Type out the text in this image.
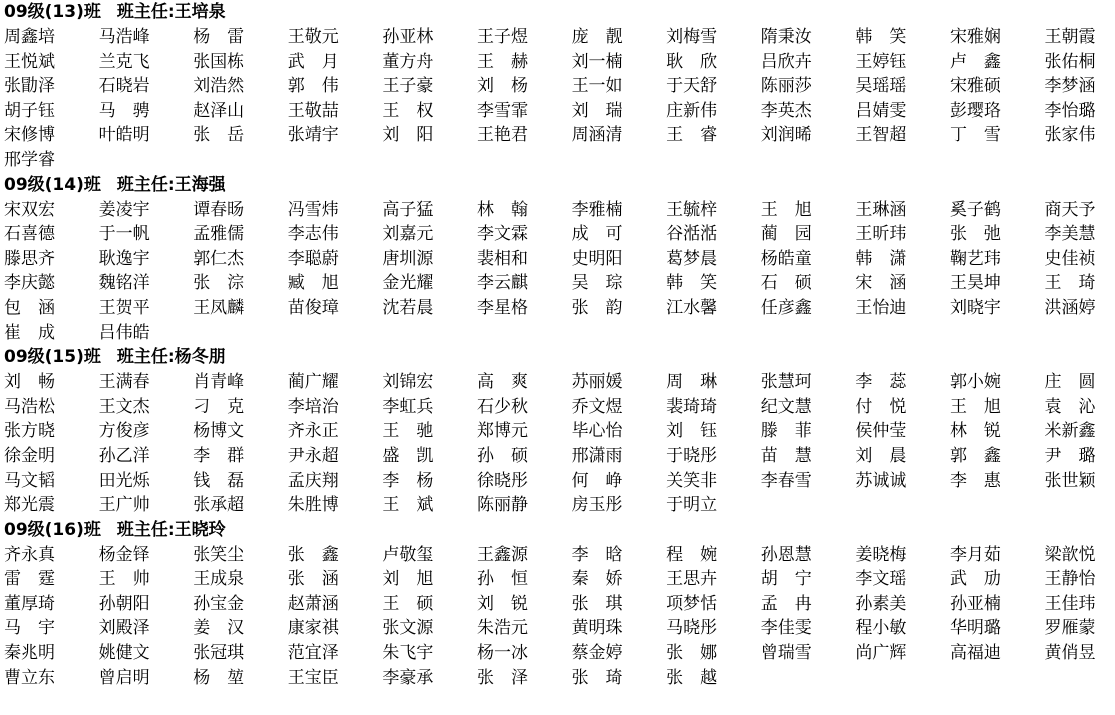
09级(13)班 班主任:王培泉
周鑫培	马浩峰	杨　雷	王敬元	孙亚林	王子煜	庞　靓	刘梅雪	隋秉汝	韩　笑	宋雅娴	王朝霞
王悦斌	兰克飞	张国栋	武　月	董方舟	王　赫	刘一楠	耿　欣	吕欣卉	王婷钰	卢　鑫	张佑桐
张勖泽	石晓岩	刘浩然	郭　伟	王子豪	刘　杨	王一如	于天舒	陈丽莎	吴瑶瑶	宋雅硕	李梦涵
胡子钰	马　骋	赵泽山	王敬喆	王　权	李雪霏	刘　瑞	庄新伟	李英杰	吕婧雯	彭璎珞	李怡璐
宋修博	叶皓明	张　岳	张靖宇	刘　阳	王艳君	周涵清	王　睿	刘润晞	王智超	丁　雪	张家伟
邢学睿
09级(14)班 班主任:王海强
宋双宏	姜凌宇	谭春旸	冯雪炜	高子猛	林　翰	李雅楠	王毓梓	王　旭	王琳涵	奚子鹤	商天予
石喜德	于一帆	孟雅儒	李志伟	刘嘉元	李文霖	成　可	谷湉湉	蔺　园	王昕玮	张　弛	李美慧
滕思齐	耿逸宇	郭仁杰	李聪蔚	唐圳源	裴相和	史明阳	葛梦晨	杨皓童	韩　潇	鞠艺玮	史佳祯
李庆懿	魏铭洋	张　淙	臧　旭	金光耀	李云麒	吴　琮	韩　笑	石　硕	宋　涵	王昊坤	王　琦
包　涵	王贺平	王凤麟	苗俊璋	沈若晨	李星格	张　韵	江水馨	任彦鑫	王怡迪	刘晓宇	洪涵婷
崔　成	吕伟皓
09级(15)班 班主任:杨冬朋
刘　畅	王满春	肖青峰	蔺广耀	刘锦宏	高　爽	苏丽媛	周　琳	张慧珂	李　蕊	郭小婉	庄　圆
马浩松	王文杰	刁　克	李培治	李虹兵	石少秋	乔文煜	裴琦琦	纪文慧	付　悦	王　旭	袁　沁
张方晓	方俊彦	杨博文	齐永正	王　驰	郑博元	毕心怡	刘　钰	滕　菲	侯仲莹	林　锐	米新鑫
徐金明	孙乙洋	李　群	尹永超	盛　凯	孙　硕	邢潇雨	于晓彤	苗　慧	刘　晨	郭　鑫	尹　璐
马文韬	田光烁	钱　磊	孟庆翔	李　杨	徐晓彤	何　峥	关笑非	李春雪	苏诚诚	李　惠	张世颖
郑光震	王广帅	张承超	朱胜博	王　斌	陈丽静	房玉彤	于明立
09级(16)班 班主任:王晓玲
齐永真	杨金铎	张笑尘	张　鑫	卢敬玺	王鑫源	李　晗	程　婉	孙恩慧	姜晓梅	李月茹	梁歆悦
雷　霆	王　帅	王成泉	张　涵	刘　旭	孙　恒	秦　娇	王思卉	胡　宁	李文瑶	武　劢	王静怡
董厚琦	孙朝阳	孙宝金	赵萧涵	王　硕	刘　锐	张　琪	项梦恬	孟　冉	孙素美	孙亚楠	王佳玮
马　宇	刘殿泽	姜　汉	康家祺	张文源	朱浩元	黄明珠	马晓彤	李佳雯	程小敏	华明璐	罗雁蒙
秦兆明	姚健文	张冠琪	范宜泽	朱飞宇	杨一冰	蔡金婷	张　娜	曾瑞雪	尚广辉	高福迪	黄俏昱
曹立东	曾启明	杨　堃	王宝臣	李豪承	张　泽	张　琦	张　越
